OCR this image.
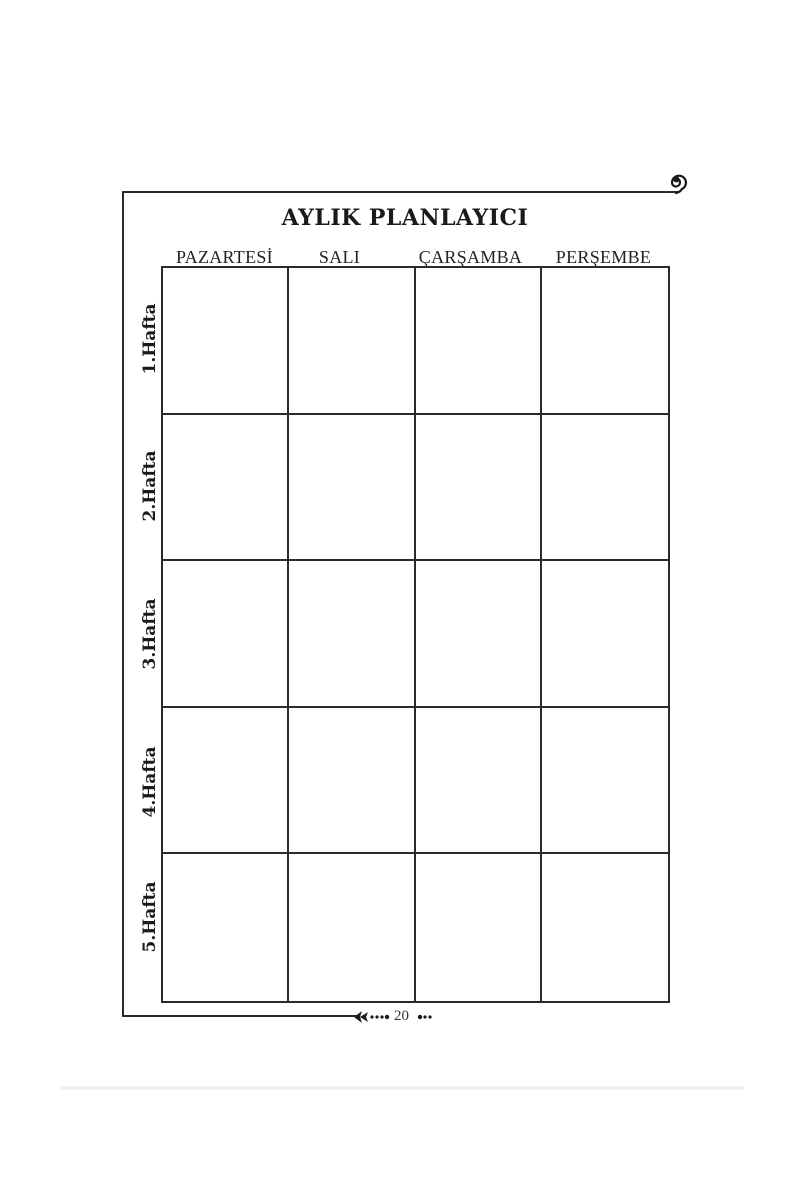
AYLIK PLANLAYICI
PAZARTESİ	SALI	ÇARŞAMBA	PERŞEMBE
1.Hafta
2.Hafta
3.Hafta
4.Hafta
5.Hafta
20
